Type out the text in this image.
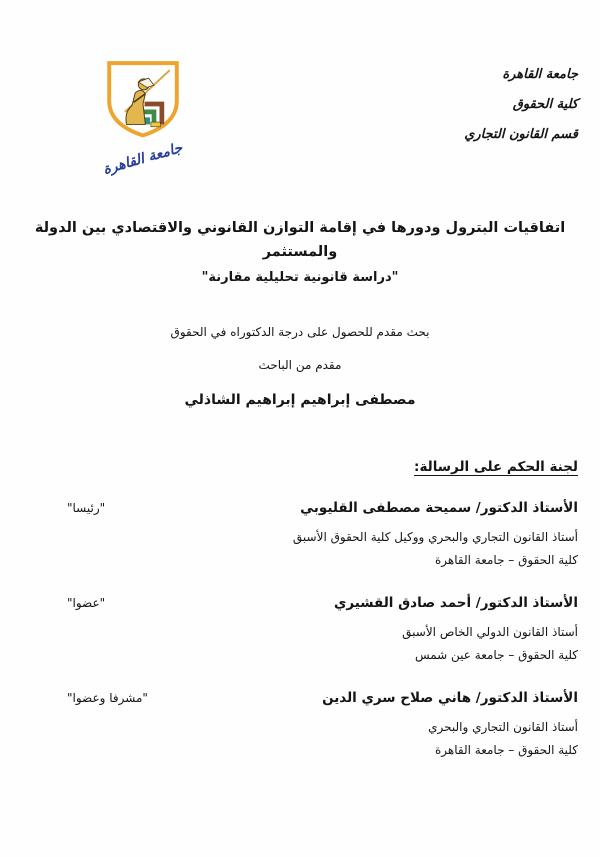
جامعة القاهرة
كلية الحقوق
قسم القانون التجاري
جامعة القاهرة
اتفاقيات البترول ودورها في إقامة التوازن القانوني والاقتصادي بين الدولة والمستثمر
"دراسة قانونية تحليلية مقارنة"
بحث مقدم للحصول على درجة الدكتوراه في الحقوق
مقدم من الباحث
مصطفى إبراهيم إبراهيم الشاذلي
لجنة الحكم على الرسالة:
"رئيسا"	الأستاذ الدكتور/ سميحة مصطفى القليوبي
أستاذ القانون التجاري والبحري ووكيل كلية الحقوق الأسبق
كلية الحقوق – جامعة القاهرة
"عضوا"	الأستاذ الدكتور/ أحمد صادق القشيري
أستاذ القانون الدولي الخاص الأسبق
كلية الحقوق – جامعة عين شمس
"مشرفا وعضوا"	الأستاذ الدكتور/ هاني صلاح سري الدين
أستاذ القانون التجاري والبحري
كلية الحقوق – جامعة القاهرة
